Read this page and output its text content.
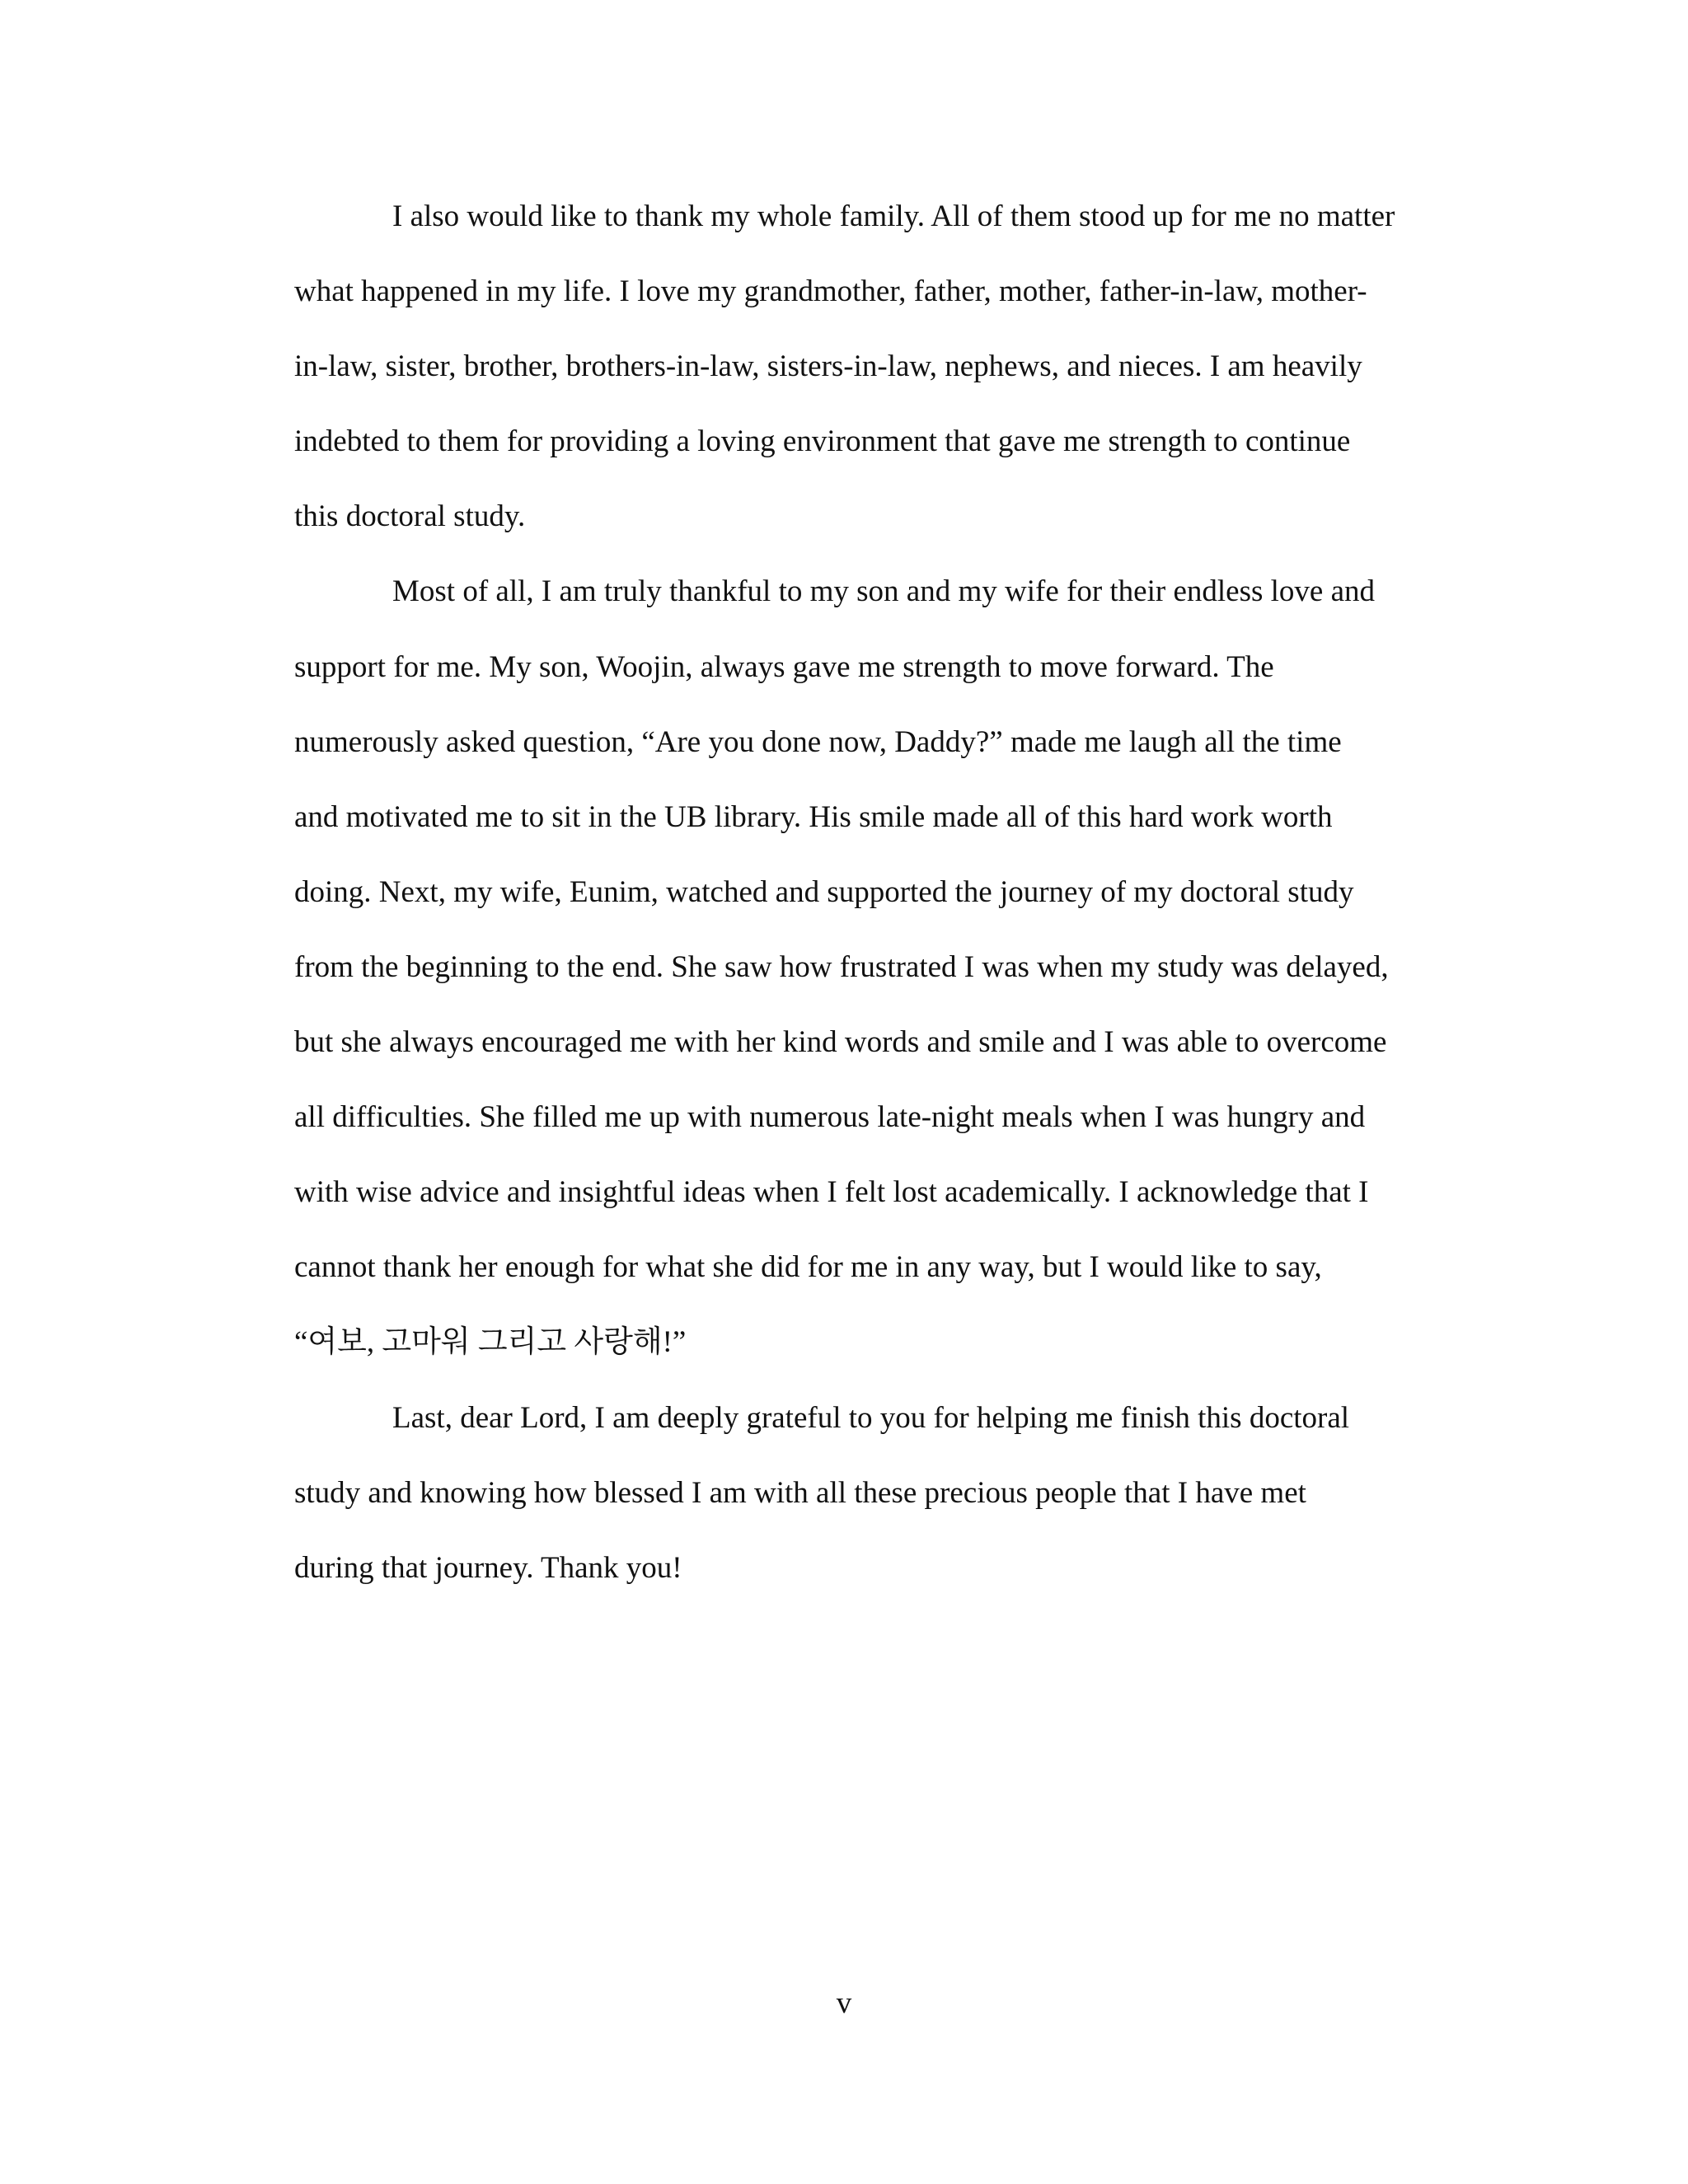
I also would like to thank my whole family. All of them stood up for me no matter
what happened in my life. I love my grandmother, father, mother, father-in-law, mother-
in-law, sister, brother, brothers-in-law, sisters-in-law, nephews, and nieces. I am heavily
indebted to them for providing a loving environment that gave me strength to continue
this doctoral study.
Most of all, I am truly thankful to my son and my wife for their endless love and
support for me. My son, Woojin, always gave me strength to move forward. The
numerously asked question, “Are you done now, Daddy?” made me laugh all the time
and motivated me to sit in the UB library. His smile made all of this hard work worth
doing. Next, my wife, Eunim, watched and supported the journey of my doctoral study
from the beginning to the end. She saw how frustrated I was when my study was delayed,
but she always encouraged me with her kind words and smile and I was able to overcome
all difficulties. She filled me up with numerous late-night meals when I was hungry and
with wise advice and insightful ideas when I felt lost academically. I acknowledge that I
cannot thank her enough for what she did for me in any way, but I would like to say,
“여보, 고마워 그리고 사랑해!”
Last, dear Lord, I am deeply grateful to you for helping me finish this doctoral
study and knowing how blessed I am with all these precious people that I have met
during that journey. Thank you!
v
